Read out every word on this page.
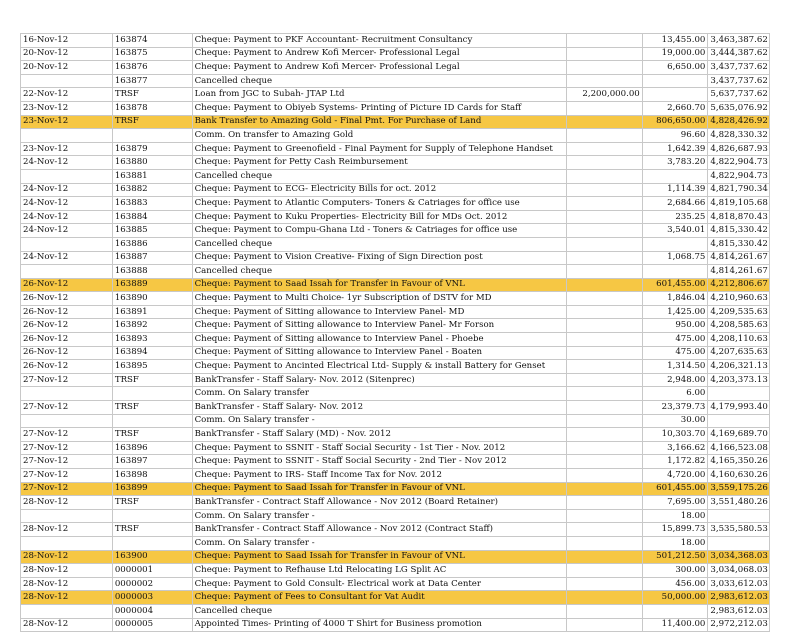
16-Nov-12	163874	Cheque: Payment to PKF Accountant- Recruitment Consultancy		13,455.00	3,463,387.62
20-Nov-12	163875	Cheque: Payment to Andrew Kofi Mercer- Professional Legal		19,000.00	3,444,387.62
20-Nov-12	163876	Cheque: Payment to Andrew Kofi Mercer- Professional Legal		6,650.00	3,437,737.62
	163877	Cancelled cheque			3,437,737.62
22-Nov-12	TRSF	Loan from JGC to Subah- JTAP Ltd	2,200,000.00		5,637,737.62
23-Nov-12	163878	Cheque: Payment to Obiyeb Systems- Printing of Picture ID Cards for Staff		2,660.70	5,635,076.92
23-Nov-12	TRSF	Bank Transfer to Amazing Gold - Final Pmt. For Purchase of Land		806,650.00	4,828,426.92
		Comm. On transfer to Amazing Gold		96.60	4,828,330.32
23-Nov-12	163879	Cheque: Payment to Greenofield - Final Payment for Supply of Telephone Handset		1,642.39	4,826,687.93
24-Nov-12	163880	Cheque: Payment for Petty Cash Reimbursement		3,783.20	4,822,904.73
	163881	Cancelled cheque			4,822,904.73
24-Nov-12	163882	Cheque: Payment to ECG- Electricity Bills for oct. 2012		1,114.39	4,821,790.34
24-Nov-12	163883	Cheque: Payment to Atlantic Computers- Toners & Catriages for office use		2,684.66	4,819,105.68
24-Nov-12	163884	Cheque: Payment to Kuku Properties- Electricity Bill for MDs Oct. 2012		235.25	4,818,870.43
24-Nov-12	163885	Cheque: Payment to Compu-Ghana Ltd - Toners & Catriages for office use		3,540.01	4,815,330.42
	163886	Cancelled cheque			4,815,330.42
24-Nov-12	163887	Cheque: Payment to Vision Creative- Fixing of Sign Direction post		1,068.75	4,814,261.67
	163888	Cancelled cheque			4,814,261.67
26-Nov-12	163889	Cheque: Payment to Saad Issah for Transfer in Favour of VNL		601,455.00	4,212,806.67
26-Nov-12	163890	Cheque: Payment to Multi Choice- 1yr Subscription of DSTV for MD		1,846.04	4,210,960.63
26-Nov-12	163891	Cheque: Payment of Sitting allowance to Interview Panel- MD		1,425.00	4,209,535.63
26-Nov-12	163892	Cheque: Payment of Sitting allowance to Interview Panel- Mr Forson		950.00	4,208,585.63
26-Nov-12	163893	Cheque: Payment of Sitting allowance to Interview Panel - Phoebe		475.00	4,208,110.63
26-Nov-12	163894	Cheque: Payment of Sitting allowance to Interview Panel - Boaten		475.00	4,207,635.63
26-Nov-12	163895	Cheque: Payment to Ancinted Electrical Ltd- Supply & install Battery for Genset		1,314.50	4,206,321.13
27-Nov-12	TRSF	BankTransfer - Staff Salary- Nov. 2012 (Sitenprec)		2,948.00	4,203,373.13
		Comm. On Salary transfer		6.00	
27-Nov-12	TRSF	BankTransfer - Staff Salary- Nov. 2012		23,379.73	4,179,993.40
		Comm. On Salary transfer -		30.00	
27-Nov-12	TRSF	BankTransfer - Staff Salary (MD) - Nov. 2012		10,303.70	4,169,689.70
27-Nov-12	163896	Cheque: Payment to SSNIT - Staff Social Security - 1st Tier - Nov. 2012		3,166.62	4,166,523.08
27-Nov-12	163897	Cheque: Payment to SSNIT - Staff Social Security - 2nd Tier - Nov 2012		1,172.82	4,165,350.26
27-Nov-12	163898	Cheque: Payment to IRS- Staff Income Tax for Nov. 2012		4,720.00	4,160,630.26
27-Nov-12	163899	Cheque: Payment to Saad Issah for Transfer in Favour of VNL		601,455.00	3,559,175.26
28-Nov-12	TRSF	BankTransfer - Contract Staff Allowance - Nov 2012 (Board Retainer)		7,695.00	3,551,480.26
		Comm. On Salary transfer -		18.00	
28-Nov-12	TRSF	BankTransfer - Contract Staff Allowance - Nov 2012 (Contract Staff)		15,899.73	3,535,580.53
		Comm. On Salary transfer -		18.00	
28-Nov-12	163900	Cheque: Payment to Saad Issah for Transfer in Favour of VNL		501,212.50	3,034,368.03
28-Nov-12	0000001	Cheque: Payment to Refhause Ltd Relocating LG Split AC		300.00	3,034,068.03
28-Nov-12	0000002	Cheque: Payment to Gold Consult- Electrical work at Data Center		456.00	3,033,612.03
28-Nov-12	0000003	Cheque: Payment of Fees to Consultant for Vat Audit		50,000.00	2,983,612.03
	0000004	Cancelled cheque			2,983,612.03
28-Nov-12	0000005	Appointed Times- Printing of 4000 T Shirt for Business promotion		11,400.00	2,972,212.03
